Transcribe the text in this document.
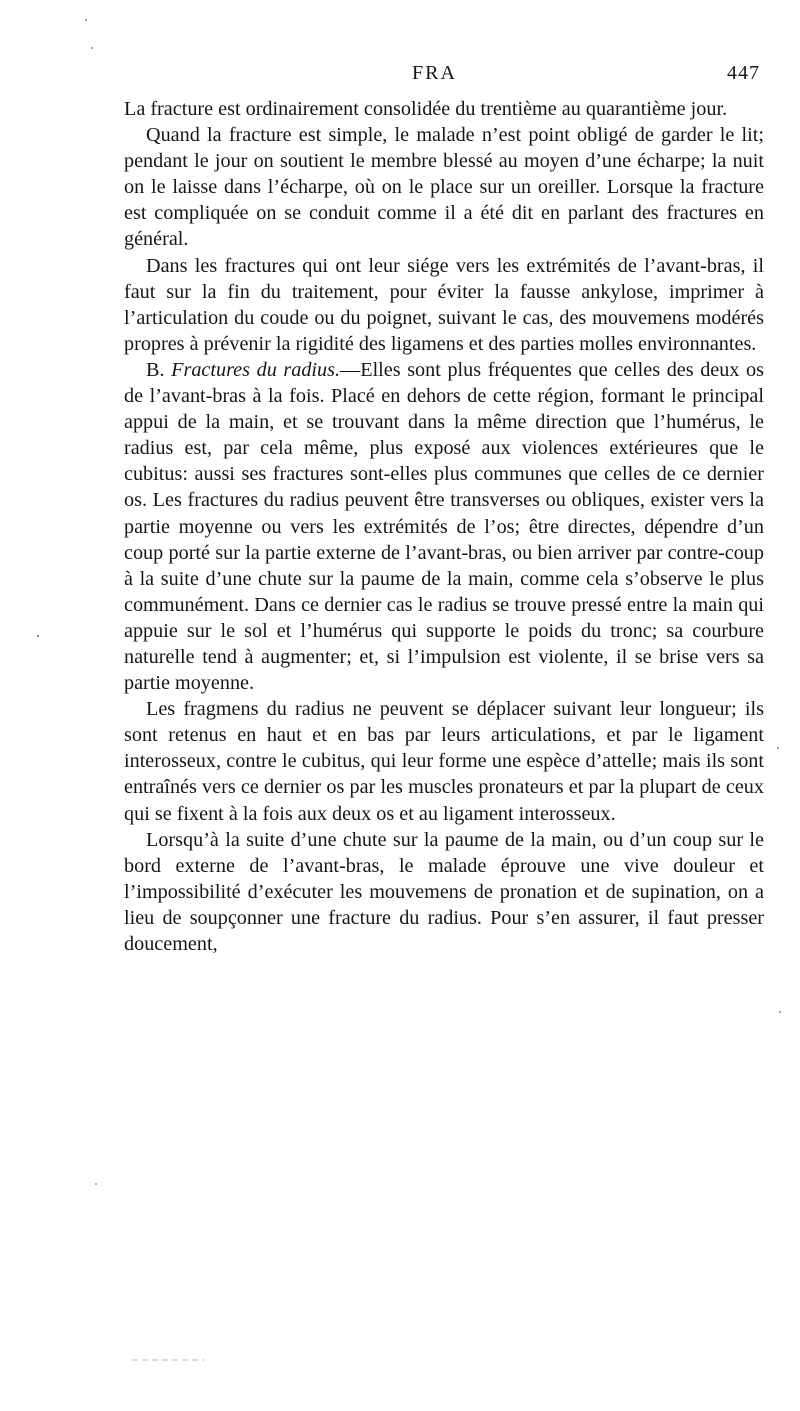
FRA	447

La fracture est ordinairement consolidée du trentième au quarantième jour.

Quand la fracture est simple, le malade n’est point obligé de garder le lit; pendant le jour on soutient le membre blessé au moyen d’une écharpe; la nuit on le laisse dans l’écharpe, où on le place sur un oreiller. Lorsque la fracture est compliquée on se conduit comme il a été dit en parlant des fractures en général.

Dans les fractures qui ont leur siége vers les extrémités de l’avant-bras, il faut sur la fin du traitement, pour éviter la fausse ankylose, imprimer à l’articulation du coude ou du poignet, suivant le cas, des mouvemens modérés propres à prévenir la rigidité des ligamens et des parties molles environnantes.

B. Fractures du radius.—Elles sont plus fréquentes que celles des deux os de l’avant-bras à la fois. Placé en dehors de cette région, formant le principal appui de la main, et se trouvant dans la même direction que l’humérus, le radius est, par cela même, plus exposé aux violences extérieures que le cubitus: aussi ses fractures sont-elles plus communes que celles de ce dernier os. Les fractures du radius peuvent être transverses ou obliques, exister vers la partie moyenne ou vers les extrémités de l’os; être directes, dépendre d’un coup porté sur la partie externe de l’avant-bras, ou bien arriver par contre-coup à la suite d’une chute sur la paume de la main, comme cela s’observe le plus communément. Dans ce dernier cas le radius se trouve pressé entre la main qui appuie sur le sol et l’humérus qui supporte le poids du tronc; sa courbure naturelle tend à augmenter; et, si l’impulsion est violente, il se brise vers sa partie moyenne.

Les fragmens du radius ne peuvent se déplacer suivant leur longueur; ils sont retenus en haut et en bas par leurs articulations, et par le ligament interosseux, contre le cubitus, qui leur forme une espèce d’attelle; mais ils sont entraînés vers ce dernier os par les muscles pronateurs et par la plupart de ceux qui se fixent à la fois aux deux os et au ligament interosseux.

Lorsqu’à la suite d’une chute sur la paume de la main, ou d’un coup sur le bord externe de l’avant-bras, le malade éprouve une vive douleur et l’impossibilité d’exécuter les mouvemens de pronation et de supination, on a lieu de soupçonner une fracture du radius. Pour s’en assurer, il faut presser doucement,
